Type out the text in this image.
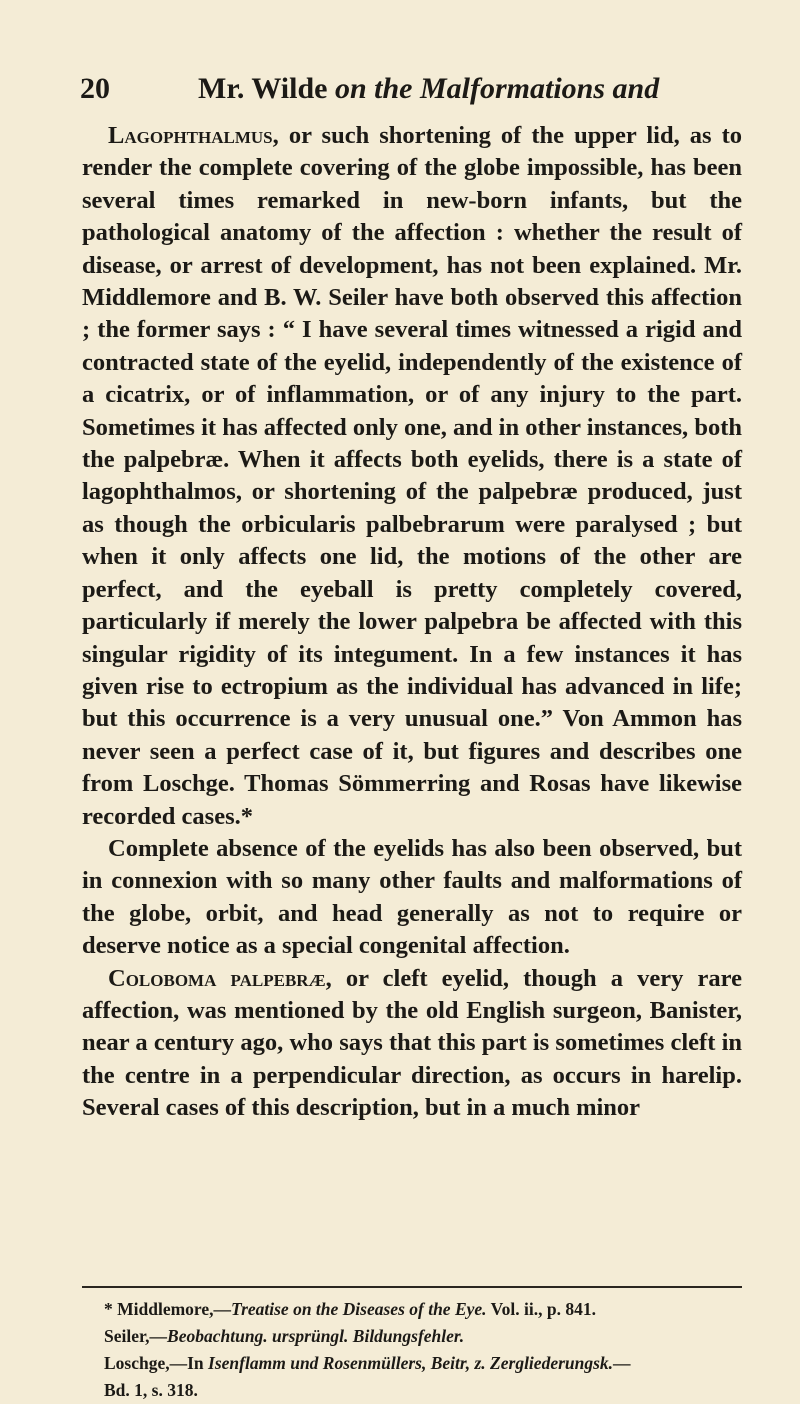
20	Mr. Wilde on the Malformations and

Lagophthalmus, or such shortening of the upper lid, as to render the complete covering of the globe impossible, has been several times remarked in new-born infants, but the pathological anatomy of the affection : whether the result of disease, or arrest of development, has not been explained. Mr. Middlemore and B. W. Seiler have both observed this affection ; the former says : “ I have several times witnessed a rigid and contracted state of the eyelid, independently of the existence of a cicatrix, or of inflammation, or of any injury to the part. Sometimes it has affected only one, and in other instances, both the palpebræ. When it affects both eyelids, there is a state of lagophthalmos, or shortening of the palpebræ produced, just as though the orbicularis palbebrarum were paralysed ; but when it only affects one lid, the motions of the other are perfect, and the eyeball is pretty completely covered, particularly if merely the lower palpebra be affected with this singular rigidity of its integument. In a few instances it has given rise to ectropium as the individual has advanced in life; but this occurrence is a very unusual one.” Von Ammon has never seen a perfect case of it, but figures and describes one from Loschge. Thomas Sömmerring and Rosas have likewise recorded cases.*

Complete absence of the eyelids has also been observed, but in connexion with so many other faults and malformations of the globe, orbit, and head generally as not to require or deserve notice as a special congenital affection.

Coloboma palpebræ, or cleft eyelid, though a very rare affection, was mentioned by the old English surgeon, Banister, near a century ago, who says that this part is sometimes cleft in the centre in a perpendicular direction, as occurs in harelip. Several cases of this description, but in a much minor

* Middlemore,—Treatise on the Diseases of the Eye. Vol. ii., p. 841.
Seiler,—Beobachtung. ursprüngl. Bildungsfehler.
Loschge,—In Isenflamm und Rosenmüllers, Beitr, z. Zergliederungsk.—
Bd. 1, s. 318.
